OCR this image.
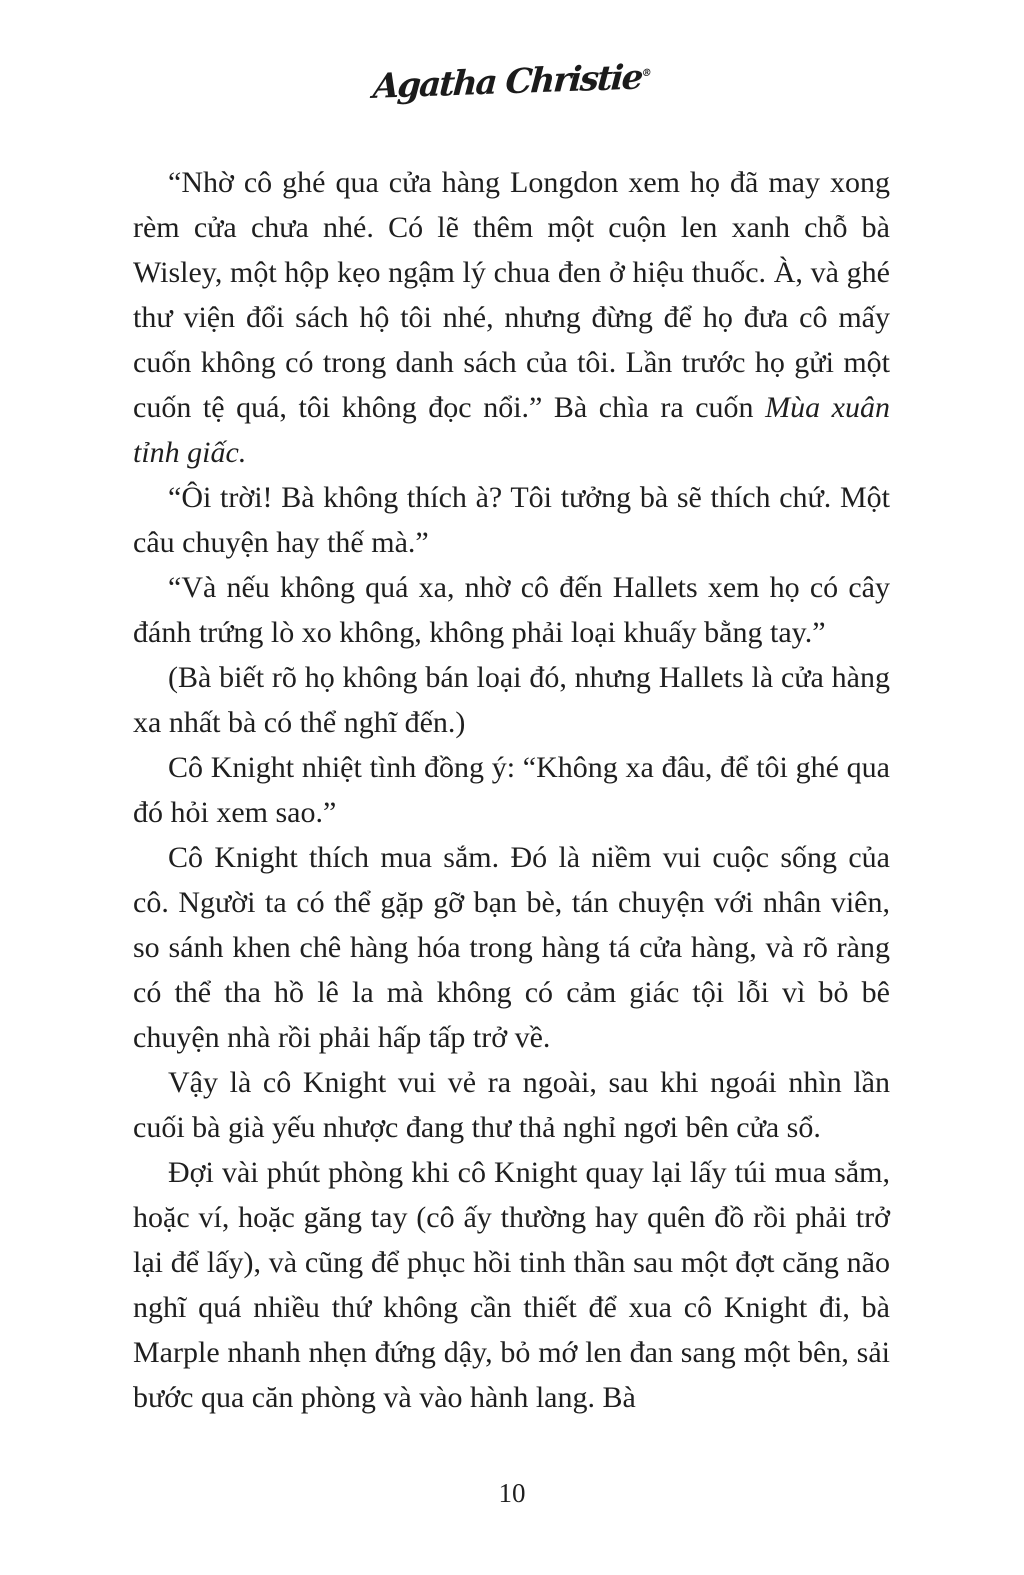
Agatha Christie®

“Nhờ cô ghé qua cửa hàng Longdon xem họ đã may xong rèm cửa chưa nhé. Có lẽ thêm một cuộn len xanh chỗ bà Wisley, một hộp kẹo ngậm lý chua đen ở hiệu thuốc. À, và ghé thư viện đổi sách hộ tôi nhé, nhưng đừng để họ đưa cô mấy cuốn không có trong danh sách của tôi. Lần trước họ gửi một cuốn tệ quá, tôi không đọc nổi.” Bà chìa ra cuốn Mùa xuân tỉnh giấc.

“Ôi trời! Bà không thích à? Tôi tưởng bà sẽ thích chứ. Một câu chuyện hay thế mà.”

“Và nếu không quá xa, nhờ cô đến Hallets xem họ có cây đánh trứng lò xo không, không phải loại khuấy bằng tay.”

(Bà biết rõ họ không bán loại đó, nhưng Hallets là cửa hàng xa nhất bà có thể nghĩ đến.)

Cô Knight nhiệt tình đồng ý: “Không xa đâu, để tôi ghé qua đó hỏi xem sao.”

Cô Knight thích mua sắm. Đó là niềm vui cuộc sống của cô. Người ta có thể gặp gỡ bạn bè, tán chuyện với nhân viên, so sánh khen chê hàng hóa trong hàng tá cửa hàng, và rõ ràng có thể tha hồ lê la mà không có cảm giác tội lỗi vì bỏ bê chuyện nhà rồi phải hấp tấp trở về.

Vậy là cô Knight vui vẻ ra ngoài, sau khi ngoái nhìn lần cuối bà già yếu nhược đang thư thả nghỉ ngơi bên cửa sổ.

Đợi vài phút phòng khi cô Knight quay lại lấy túi mua sắm, hoặc ví, hoặc găng tay (cô ấy thường hay quên đồ rồi phải trở lại để lấy), và cũng để phục hồi tinh thần sau một đợt căng não nghĩ quá nhiều thứ không cần thiết để xua cô Knight đi, bà Marple nhanh nhẹn đứng dậy, bỏ mớ len đan sang một bên, sải bước qua căn phòng và vào hành lang. Bà

10
